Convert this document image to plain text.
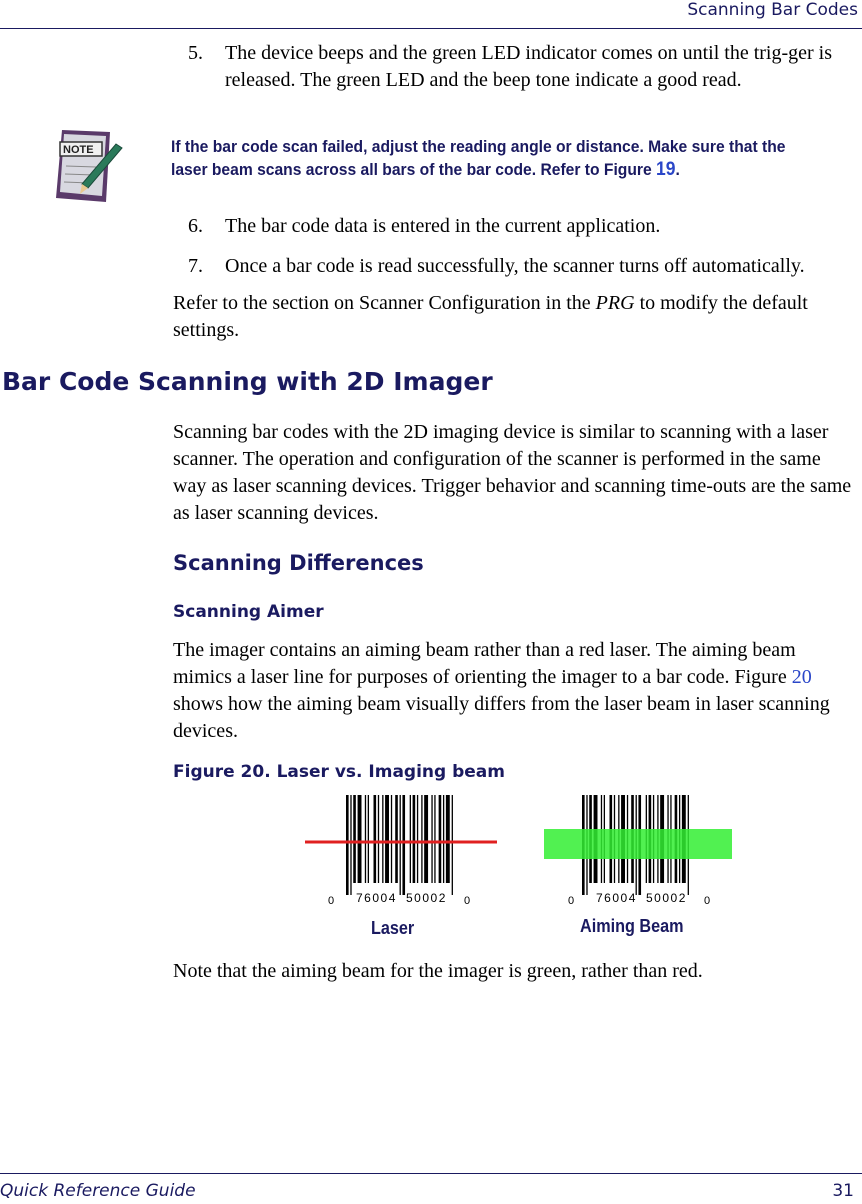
Scanning Bar Codes
5. The device beeps and the green LED indicator comes on until the trig-ger is released. The green LED and the beep tone indicate a good read.
NOTE	If the bar code scan failed, adjust the reading angle or distance. Make sure that the laser beam scans across all bars of the bar code. Refer to Figure 19.
6. The bar code data is entered in the current application.
7. Once a bar code is read successfully, the scanner turns off automatically.
Refer to the section on Scanner Configuration in the PRG to modify the default settings.
Bar Code Scanning with 2D Imager
Scanning bar codes with the 2D imaging device is similar to scanning with a laser scanner. The operation and configuration of the scanner is performed in the same way as laser scanning devices. Trigger behavior and scanning time-outs are the same as laser scanning devices.
Scanning Differences
Scanning Aimer
The imager contains an aiming beam rather than a red laser. The aiming beam mimics a laser line for purposes of orienting the imager to a bar code. Figure 20 shows how the aiming beam visually differs from the laser beam in laser scanning devices.
Figure 20. Laser vs. Imaging beam
0 76004 50002 0	0 76004 50002 0
Laser	Aiming Beam
Note that the aiming beam for the imager is green, rather than red.
Quick Reference Guide	31
